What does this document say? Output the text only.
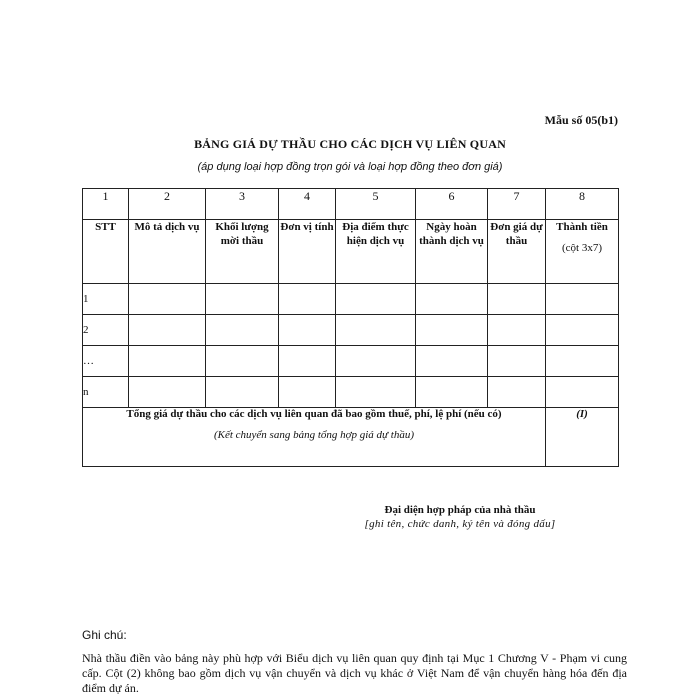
Mẫu số 05(b1)
BẢNG GIÁ DỰ THẦU CHO CÁC DỊCH VỤ LIÊN QUAN
(áp dụng loại hợp đồng trọn gói và loại hợp đồng theo đơn giá)
1	2	3	4	5	6	7	8
STT	Mô tả dịch vụ	Khối lượng mời thầu	Đơn vị tính	Địa điểm thực hiện dịch vụ	Ngày hoàn thành dịch vụ	Đơn giá dự thầu	Thành tiền
(cột 3x7)

1							
2							
…							
n							

Tổng giá dự thầu cho các dịch vụ liên quan đã bao gồm thuế, phí, lệ phí (nếu có)
(Kết chuyển sang bảng tổng hợp giá dự thầu)							(I)
Đại diện hợp pháp của nhà thầu
[ghi tên, chức danh, ký tên và đóng dấu]
Ghi chú:
Nhà thầu điền vào bảng này phù hợp với Biểu dịch vụ liên quan quy định tại Mục 1 Chương V - Phạm vi cung cấp. Cột (2) không bao gồm dịch vụ vận chuyển và dịch vụ khác ở Việt Nam để vận chuyển hàng hóa đến địa điểm dự án.
